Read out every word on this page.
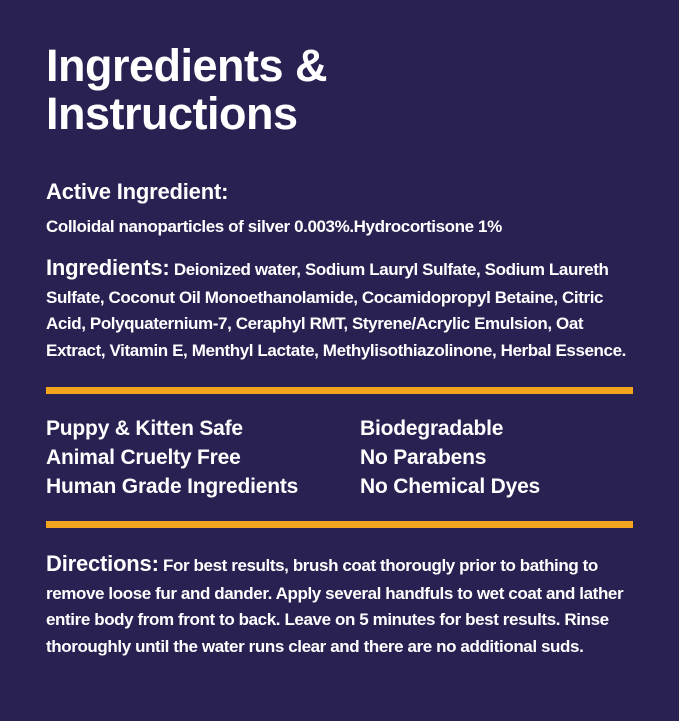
Ingredients & Instructions
Active Ingredient:

Colloidal nanoparticles of silver 0.003%.Hydrocortisone 1%

Ingredients: Deionized water, Sodium Lauryl Sulfate, Sodium Laureth Sulfate, Coconut Oil Monoethanolamide, Cocamidopropyl Betaine, Citric Acid, Polyquaternium-7, Ceraphyl RMT, Styrene/Acrylic Emulsion, Oat Extract, Vitamin E, Menthyl Lactate, Methylisothiazolinone, Herbal Essence.

Puppy & Kitten Safe
Animal Cruelty Free
Human Grade Ingredients
Biodegradable
No Parabens
No Chemical Dyes

Directions: For best results, brush coat thorougly prior to bathing to remove loose fur and dander. Apply several handfuls to wet coat and lather entire body from front to back. Leave on 5 minutes for best results. Rinse thoroughly until the water runs clear and there are no additional suds.
